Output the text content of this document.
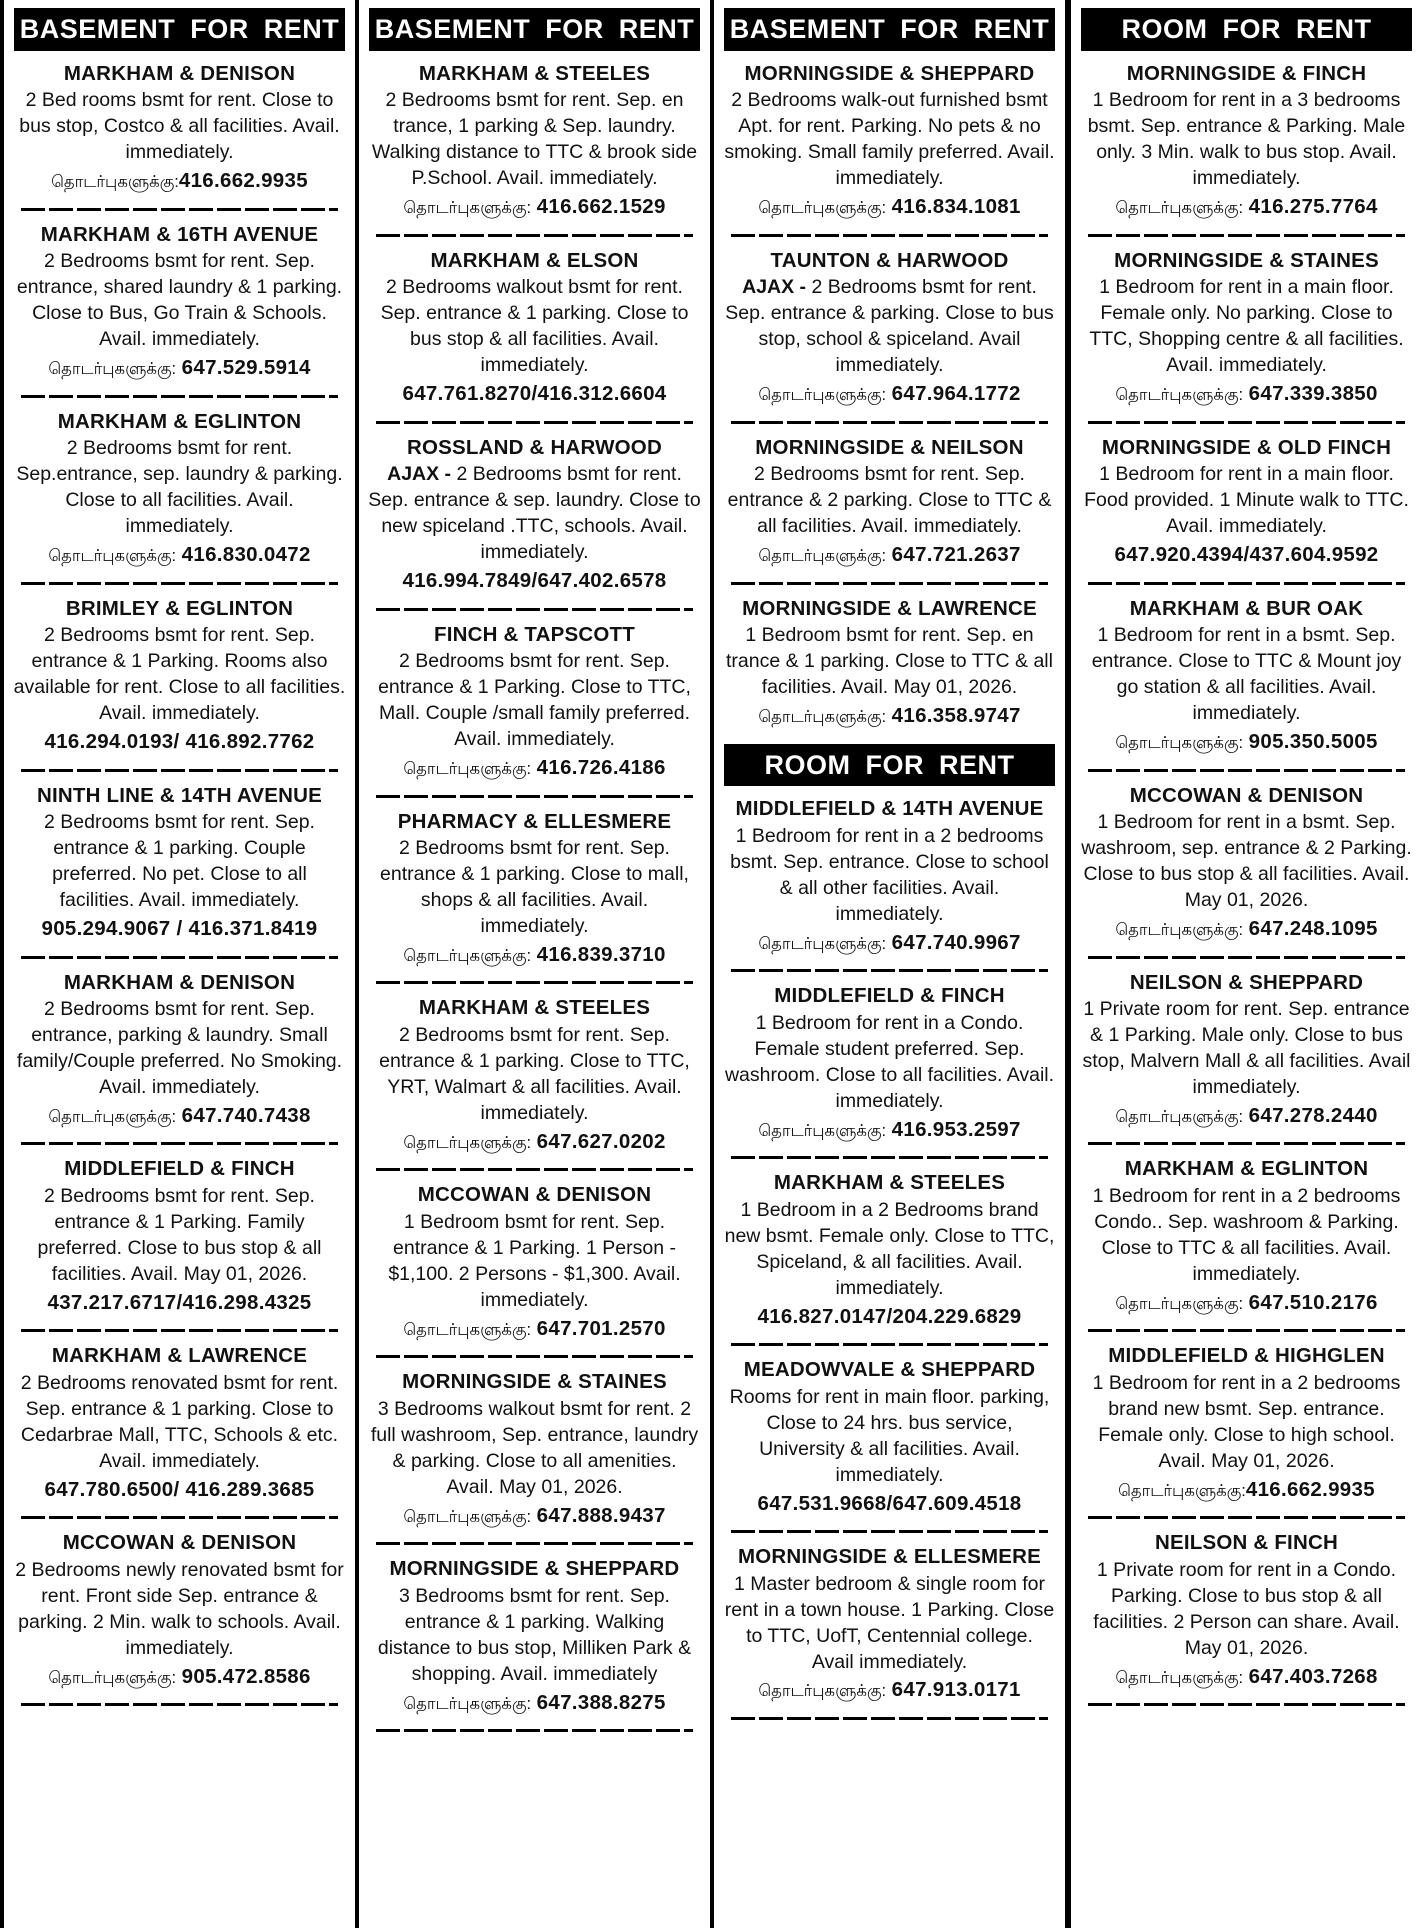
BASEMENT FOR RENT
MARKHAM & DENISON
2 Bed rooms bsmt for rent. Close to bus stop, Costco & all facilities. Avail. immediately.
தொடர்புகளுக்கு:416.662.9935
MARKHAM & 16TH AVENUE
2 Bedrooms bsmt for rent. Sep. entrance, shared laundry & 1 parking. Close to Bus, Go Train & Schools. Avail. immediately.
தொடர்புகளுக்கு: 647.529.5914
MARKHAM & EGLINTON
2 Bedrooms bsmt for rent. Sep.entrance, sep. laundry & parking. Close to all facilities. Avail. immediately.
தொடர்புகளுக்கு: 416.830.0472
BRIMLEY & EGLINTON
2 Bedrooms bsmt for rent. Sep. entrance & 1 Parking. Rooms also available for rent. Close to all facilities. Avail. immediately.
416.294.0193/ 416.892.7762
NINTH LINE & 14TH AVENUE
2 Bedrooms bsmt for rent. Sep. entrance & 1 parking. Couple preferred. No pet. Close to all facilities. Avail. immediately.
905.294.9067 / 416.371.8419
MARKHAM & DENISON
2 Bedrooms bsmt for rent. Sep. entrance, parking & laundry. Small family/Couple preferred. No Smoking. Avail. immediately.
தொடர்புகளுக்கு: 647.740.7438
MIDDLEFIELD & FINCH
2 Bedrooms bsmt for rent. Sep. entrance & 1 Parking. Family preferred. Close to bus stop & all facilities. Avail. May 01, 2026.
437.217.6717/416.298.4325
MARKHAM & LAWRENCE
2 Bedrooms renovated bsmt for rent. Sep. entrance & 1 parking. Close to Cedarbrae Mall, TTC, Schools & etc. Avail. immediately.
647.780.6500/ 416.289.3685
MCCOWAN & DENISON
2 Bedrooms newly renovated bsmt for rent. Front side Sep. entrance & parking. 2 Min. walk to schools. Avail. immediately.
தொடர்புகளுக்கு: 905.472.8586
BASEMENT FOR RENT
MARKHAM & STEELES
2 Bedrooms bsmt for rent. Sep. en trance, 1 parking & Sep. laundry. Walking distance to TTC & brook side P.School. Avail. immediately.
தொடர்புகளுக்கு: 416.662.1529
MARKHAM & ELSON
2 Bedrooms walkout bsmt for rent. Sep. entrance & 1 parking. Close to bus stop & all facilities. Avail. immediately.
647.761.8270/416.312.6604
ROSSLAND & HARWOOD
AJAX - 2 Bedrooms bsmt for rent. Sep. entrance & sep. laundry. Close to new spiceland .TTC, schools. Avail. immediately.
416.994.7849/647.402.6578
FINCH & TAPSCOTT
2 Bedrooms bsmt for rent. Sep. entrance & 1 Parking. Close to TTC, Mall. Couple /small family preferred. Avail. immediately.
தொடர்புகளுக்கு: 416.726.4186
PHARMACY & ELLESMERE
2 Bedrooms bsmt for rent. Sep. entrance & 1 parking. Close to mall, shops & all facilities. Avail. immediately.
தொடர்புகளுக்கு: 416.839.3710
MARKHAM & STEELES
2 Bedrooms bsmt for rent. Sep. entrance & 1 parking. Close to TTC, YRT, Walmart & all facilities. Avail. immediately.
தொடர்புகளுக்கு: 647.627.0202
MCCOWAN & DENISON
1 Bedroom bsmt for rent. Sep. entrance & 1 Parking. 1 Person - $1,100. 2 Persons - $1,300. Avail. immediately.
தொடர்புகளுக்கு: 647.701.2570
MORNINGSIDE & STAINES
3 Bedrooms walkout bsmt for rent. 2 full washroom, Sep. entrance, laundry & parking. Close to all amenities. Avail. May 01, 2026.
தொடர்புகளுக்கு: 647.888.9437
MORNINGSIDE & SHEPPARD
3 Bedrooms bsmt for rent. Sep. entrance & 1 parking. Walking distance to bus stop, Milliken Park & shopping. Avail. immediately
தொடர்புகளுக்கு: 647.388.8275
BASEMENT FOR RENT
MORNINGSIDE & SHEPPARD
2 Bedrooms walk-out furnished bsmt Apt. for rent. Parking. No pets & no smoking. Small family preferred. Avail. immediately.
தொடர்புகளுக்கு: 416.834.1081
TAUNTON & HARWOOD
AJAX - 2 Bedrooms bsmt for rent. Sep. entrance & parking. Close to bus stop, school & spiceland. Avail immediately.
தொடர்புகளுக்கு: 647.964.1772
MORNINGSIDE & NEILSON
2 Bedrooms bsmt for rent. Sep. entrance & 2 parking. Close to TTC & all facilities. Avail. immediately.
தொடர்புகளுக்கு: 647.721.2637
MORNINGSIDE & LAWRENCE
1 Bedroom bsmt for rent. Sep. en trance & 1 parking. Close to TTC & all facilities. Avail. May 01, 2026.
தொடர்புகளுக்கு: 416.358.9747
ROOM FOR RENT
MIDDLEFIELD & 14TH AVENUE
1 Bedroom for rent in a 2 bedrooms bsmt. Sep. entrance. Close to school & all other facilities. Avail. immediately.
தொடர்புகளுக்கு: 647.740.9967
MIDDLEFIELD & FINCH
1 Bedroom for rent in a Condo. Female student preferred. Sep. washroom. Close to all facilities. Avail. immediately.
தொடர்புகளுக்கு: 416.953.2597
MARKHAM & STEELES
1 Bedroom in a 2 Bedrooms brand new bsmt. Female only. Close to TTC, Spiceland, & all facilities. Avail. immediately.
416.827.0147/204.229.6829
MEADOWVALE & SHEPPARD
Rooms for rent in main floor. parking, Close to 24 hrs. bus service, University & all facilities. Avail. immediately.
647.531.9668/647.609.4518
MORNINGSIDE & ELLESMERE
1 Master bedroom & single room for rent in a town house. 1 Parking. Close to TTC, UofT, Centennial college. Avail immediately.
தொடர்புகளுக்கு: 647.913.0171
ROOM FOR RENT
MORNINGSIDE & FINCH
1 Bedroom for rent in a 3 bedrooms bsmt. Sep. entrance & Parking. Male only. 3 Min. walk to bus stop. Avail. immediately.
தொடர்புகளுக்கு: 416.275.7764
MORNINGSIDE & STAINES
1 Bedroom for rent in a main floor. Female only. No parking. Close to TTC, Shopping centre & all facilities. Avail. immediately.
தொடர்புகளுக்கு: 647.339.3850
MORNINGSIDE & OLD FINCH
1 Bedroom for rent in a main floor. Food provided. 1 Minute walk to TTC. Avail. immediately.
647.920.4394/437.604.9592
MARKHAM & BUR OAK
1 Bedroom for rent in a bsmt. Sep. entrance. Close to TTC & Mount joy go station & all facilities. Avail. immediately.
தொடர்புகளுக்கு: 905.350.5005
MCCOWAN & DENISON
1 Bedroom for rent in a bsmt. Sep. washroom, sep. entrance & 2 Parking. Close to bus stop & all facilities. Avail. May 01, 2026.
தொடர்புகளுக்கு: 647.248.1095
NEILSON & SHEPPARD
1 Private room for rent. Sep. entrance & 1 Parking. Male only. Close to bus stop, Malvern Mall & all facilities. Avail immediately.
தொடர்புகளுக்கு: 647.278.2440
MARKHAM & EGLINTON
1 Bedroom for rent in a 2 bedrooms Condo.. Sep. washroom & Parking. Close to TTC & all facilities. Avail. immediately.
தொடர்புகளுக்கு: 647.510.2176
MIDDLEFIELD & HIGHGLEN
1 Bedroom for rent in a 2 bedrooms brand new bsmt. Sep. entrance. Female only. Close to high school. Avail. May 01, 2026.
தொடர்புகளுக்கு:416.662.9935
NEILSON & FINCH
1 Private room for rent in a Condo. Parking. Close to bus stop & all facilities. 2 Person can share. Avail. May 01, 2026.
தொடர்புகளுக்கு: 647.403.7268
